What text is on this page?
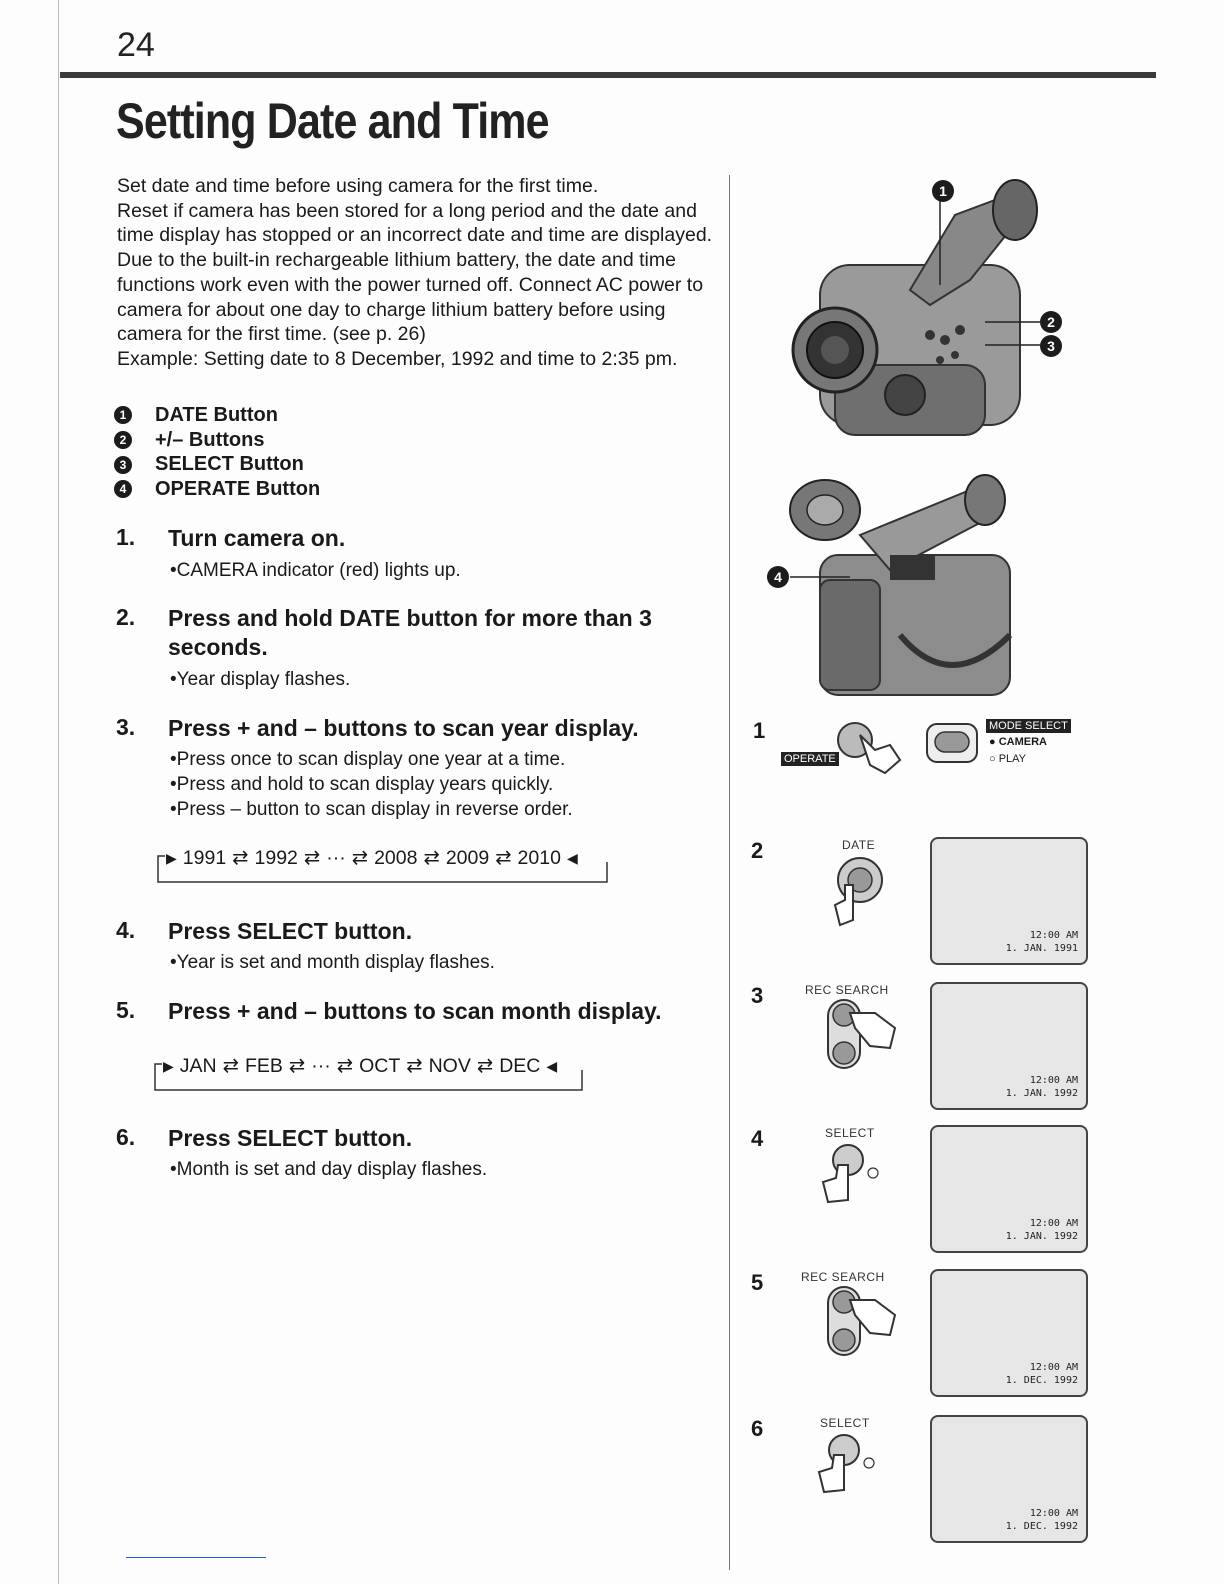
24
Setting Date and Time

Set date and time before using camera for the first time.

Reset if camera has been stored for a long period and the date and time display has stopped or an incorrect date and time are displayed. Due to the built-in rechargeable lithium battery, the date and time functions work even with the power turned off. Connect AC power to camera for about one day to charge lithium battery before using camera for the first time. (see p. 26)

Example: Setting date to 8 December, 1992 and time to 2:35 pm.

1 DATE Button
2 +/– Buttons
3 SELECT Button
4 OPERATE Button
1. Turn camera on.
•CAMERA indicator (red) lights up.
2. Press and hold DATE button for more than 3 seconds.
•Year display flashes.
3. Press + and – buttons to scan year display.
•Press once to scan display one year at a time.
•Press and hold to scan display years quickly.
•Press – button to scan display in reverse order.
▶ 1991 ⇄ 1992 ⇄ ··· ⇄ 2008 ⇄ 2009 ⇄ 2010 ◀
4. Press SELECT button.
•Year is set and month display flashes.
5. Press + and – buttons to scan month display.
▶ JAN ⇄ FEB ⇄ ··· ⇄ OCT ⇄ NOV ⇄ DEC ◀
6. Press SELECT button.
•Month is set and day display flashes.
1
2
3
4
1
OPERATE
MODE SELECT
● CAMERA
○ PLAY
2	DATE
12:00 AM
1. JAN. 1991
3	REC SEARCH
12:00 AM
1. JAN. 1992
4	SELECT
12:00 AM
1. JAN. 1992
5	REC SEARCH
12:00 AM
1. DEC. 1992
6	SELECT
12:00 AM
1. DEC. 1992
